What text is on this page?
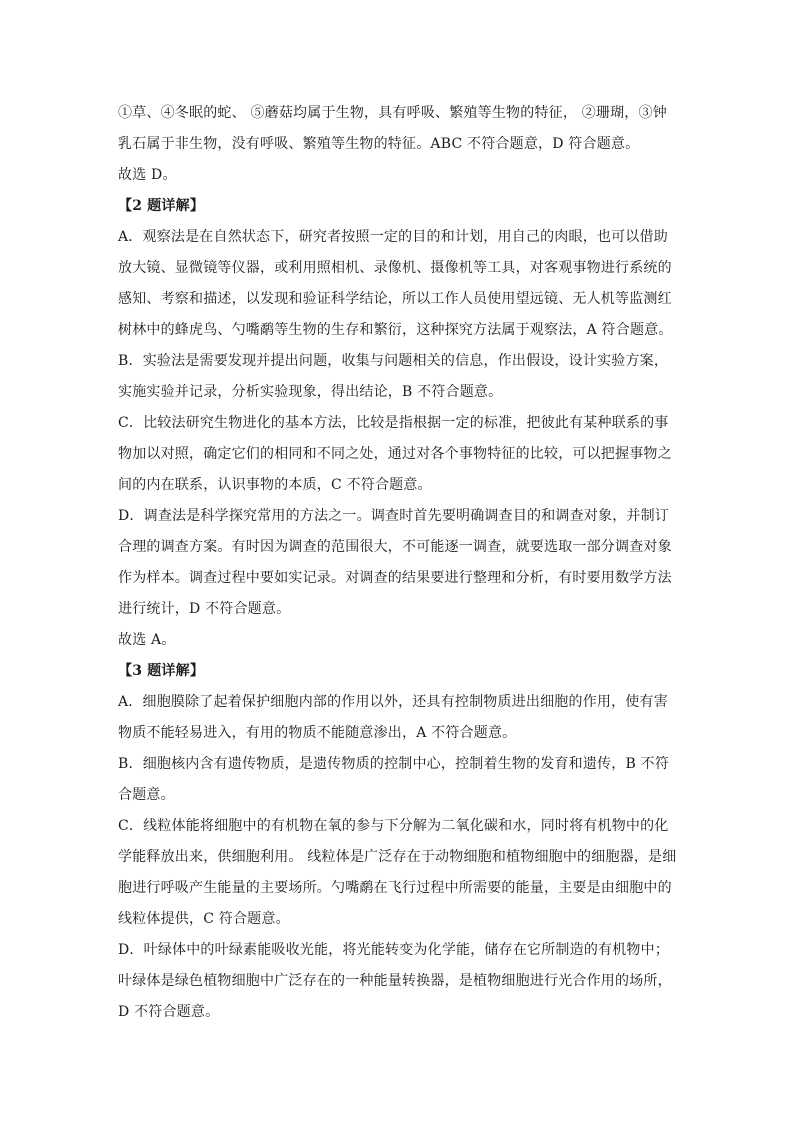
①草、④冬眠的蛇、 ⑤蘑菇均属于生物，具有呼吸、繁殖等生物的特征， ②珊瑚，③钟
乳石属于非生物，没有呼吸、繁殖等生物的特征。ABC 不符合题意，D 符合题意。
故选 D。
【2 题详解】
A．观察法是在自然状态下，研究者按照一定的目的和计划，用自己的肉眼，也可以借助
放大镜、显微镜等仪器，或利用照相机、录像机、摄像机等工具，对客观事物进行系统的
感知、考察和描述，以发现和验证科学结论，所以工作人员使用望远镜、无人机等监测红
树林中的蜂虎鸟、勺嘴鹬等生物的生存和繁衍，这种探究方法属于观察法，A 符合题意。
B．实验法是需要发现并提出问题，收集与问题相关的信息，作出假设，设计实验方案，
实施实验并记录，分析实验现象，得出结论，B 不符合题意。
C．比较法研究生物进化的基本方法，比较是指根据一定的标准，把彼此有某种联系的事
物加以对照，确定它们的相同和不同之处，通过对各个事物特征的比较，可以把握事物之
间的内在联系，认识事物的本质，C 不符合题意。
D．调查法是科学探究常用的方法之一。调查时首先要明确调查目的和调查对象，并制订
合理的调查方案。有时因为调查的范围很大，不可能逐一调查，就要选取一部分调查对象
作为样本。调查过程中要如实记录。对调查的结果要进行整理和分析，有时要用数学方法
进行统计，D 不符合题意。
故选 A。
【3 题详解】
A．细胞膜除了起着保护细胞内部的作用以外，还具有控制物质进出细胞的作用，使有害
物质不能轻易进入，有用的物质不能随意渗出，A 不符合题意。
B．细胞核内含有遗传物质，是遗传物质的控制中心，控制着生物的发育和遗传，B 不符
合题意。
C．线粒体能将细胞中的有机物在氧的参与下分解为二氧化碳和水，同时将有机物中的化
学能释放出来，供细胞利用。 线粒体是广泛存在于动物细胞和植物细胞中的细胞器，是细
胞进行呼吸产生能量的主要场所。勺嘴鹬在飞行过程中所需要的能量，主要是由细胞中的
线粒体提供，C 符合题意。
D．叶绿体中的叶绿素能吸收光能，将光能转变为化学能，储存在它所制造的有机物中；
叶绿体是绿色植物细胞中广泛存在的一种能量转换器，是植物细胞进行光合作用的场所，
D 不符合题意。
